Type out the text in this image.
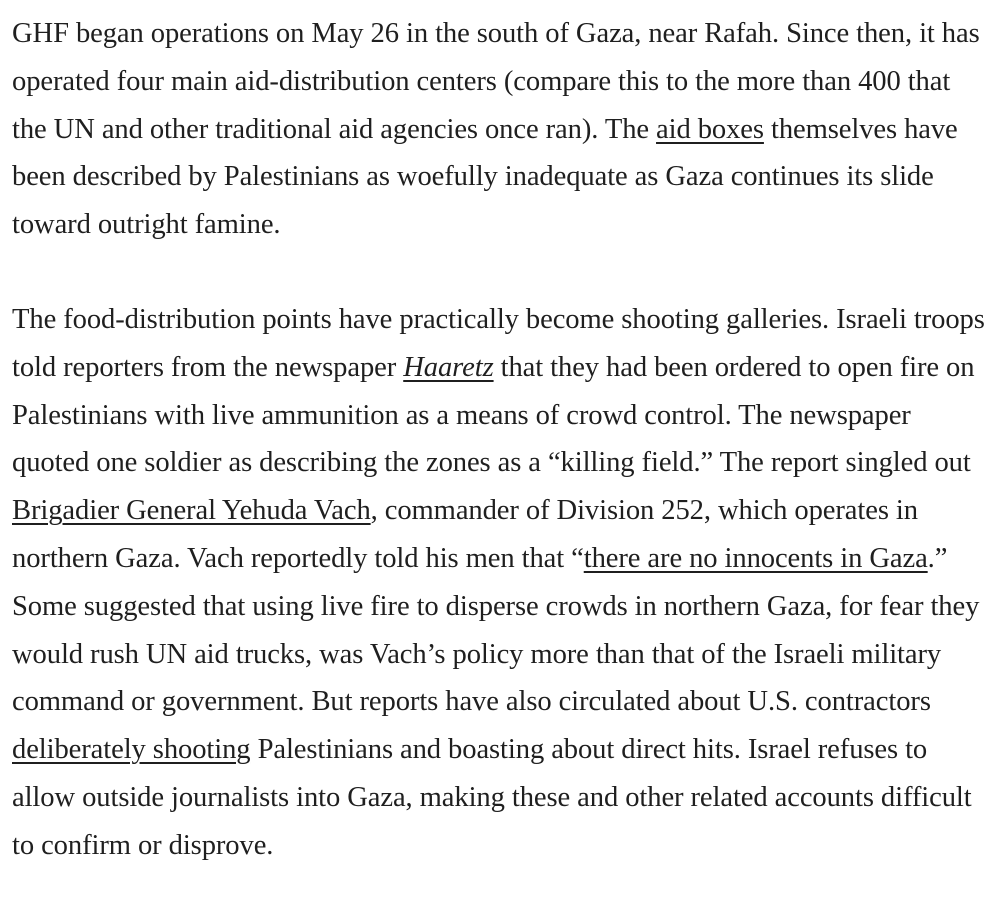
GHF began operations on May 26 in the south of Gaza, near Rafah. Since then, it has operated four main aid-distribution centers (compare this to the more than 400 that the UN and other traditional aid agencies once ran). The aid boxes themselves have been described by Palestinians as woefully inadequate as Gaza continues its slide toward outright famine.

The food-distribution points have practically become shooting galleries. Israeli troops told reporters from the newspaper Haaretz that they had been ordered to open fire on Palestinians with live ammunition as a means of crowd control. The newspaper quoted one soldier as describing the zones as a “killing field.” The report singled out Brigadier General Yehuda Vach, commander of Division 252, which operates in northern Gaza. Vach reportedly told his men that “there are no innocents in Gaza.” Some suggested that using live fire to disperse crowds in northern Gaza, for fear they would rush UN aid trucks, was Vach’s policy more than that of the Israeli military command or government. But reports have also circulated about U.S. contractors deliberately shooting Palestinians and boasting about direct hits. Israel refuses to allow outside journalists into Gaza, making these and other related accounts difficult to confirm or disprove.
